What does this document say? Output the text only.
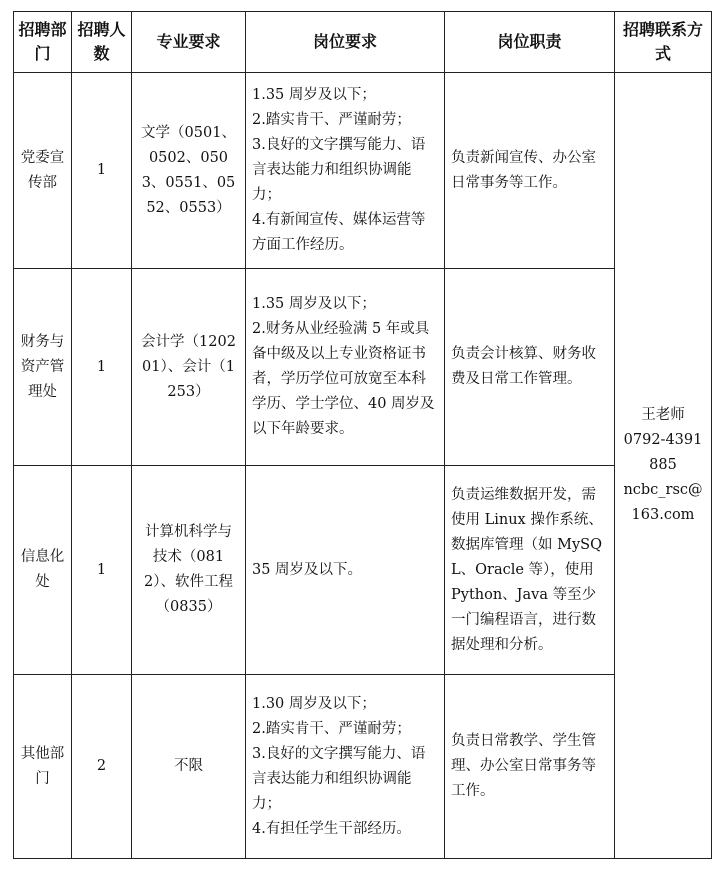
招聘部门	招聘人数	专业要求	岗位要求	岗位职责	招聘联系方式
党委宣传部	1	文学（0501、0502、0503、0551、0552、0553）	1.35 周岁及以下；
2.踏实肯干、严谨耐劳；
3.良好的文字撰写能力、语言表达能力和组织协调能力；
4.有新闻宣传、媒体运营等方面工作经历。	负责新闻宣传、办公室日常事务等工作。	王老师
0792-4391885
ncbc_rsc@163.com

财务与资产管理处	1	会计学（120201）、会计（1253）	1.35 周岁及以下；
2.财务从业经验满 5 年或具备中级及以上专业资格证书者，学历学位可放宽至本科学历、学士学位、40 周岁及以下年龄要求。	负责会计核算、财务收费及日常工作管理。	
信息化处	1	计算机科学与技术（0812）、软件工程（0835）	35 周岁及以下。	负责运维数据开发，需使用 Linux 操作系统、数据库管理（如 MySQL、Oracle 等），使用 Python、Java 等至少一门编程语言，进行数据处理和分析。	
其他部门	2	不限	1.30 周岁及以下；
2.踏实肯干、严谨耐劳；
3.良好的文字撰写能力、语言表达能力和组织协调能力；
4.有担任学生干部经历。	负责日常教学、学生管理、办公室日常事务等工作。	
